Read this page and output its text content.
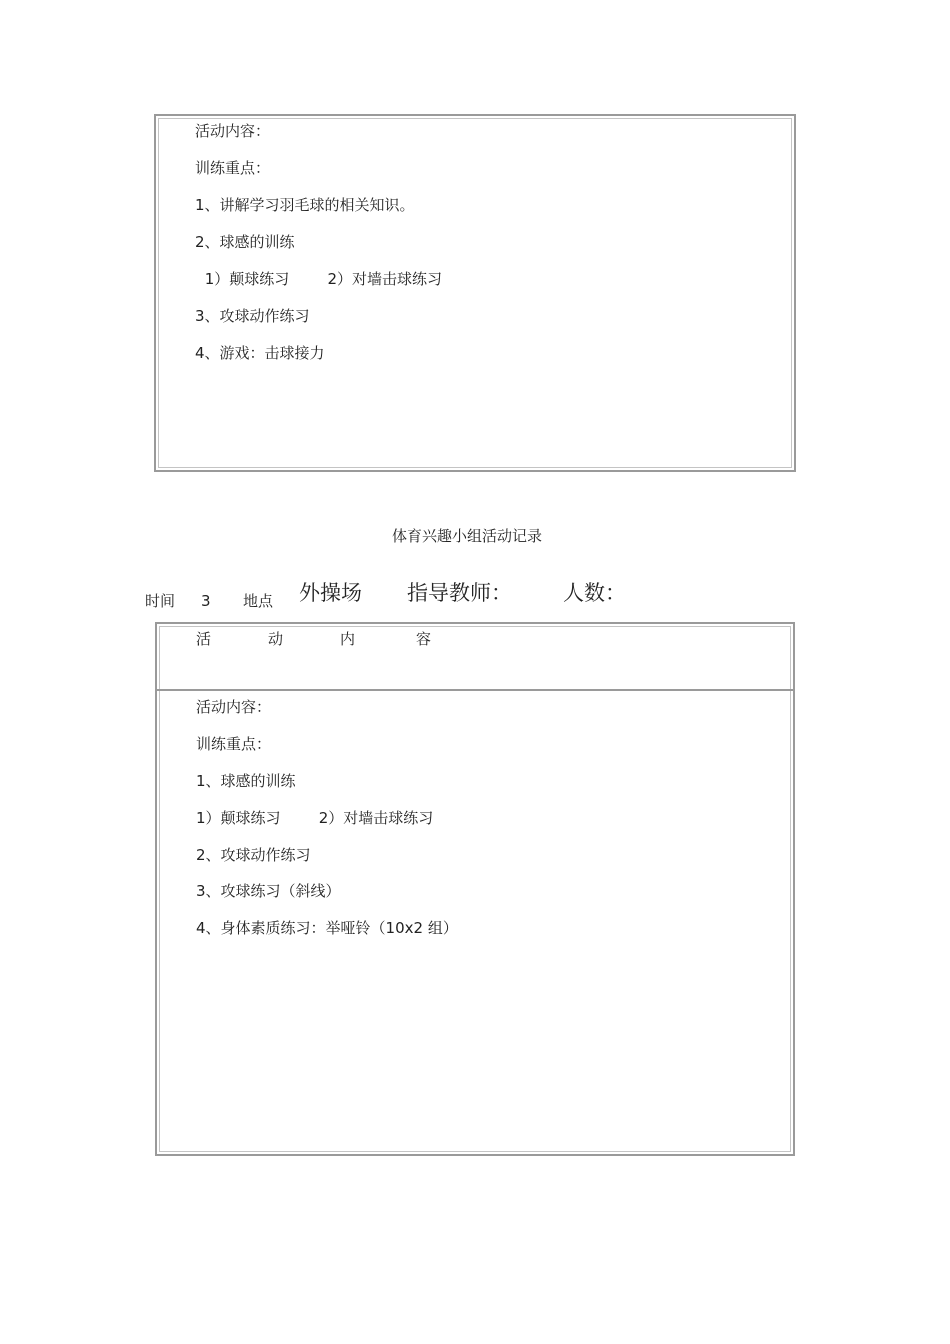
活动内容：
训练重点：
1、讲解学习羽毛球的相关知识。
2、球感的训练
1）颠球练习        2）对墙击球练习
3、攻球动作练习
4、游戏：击球接力
体育兴趣小组活动记录
时间 3 地点 外操场 指导教师： 人数：
活	动	内	容
活动内容：
训练重点：
1、球感的训练
1）颠球练习        2）对墙击球练习
2、攻球动作练习
3、攻球练习（斜线）
4、身体素质练习：举哑铃（10x2 组）
